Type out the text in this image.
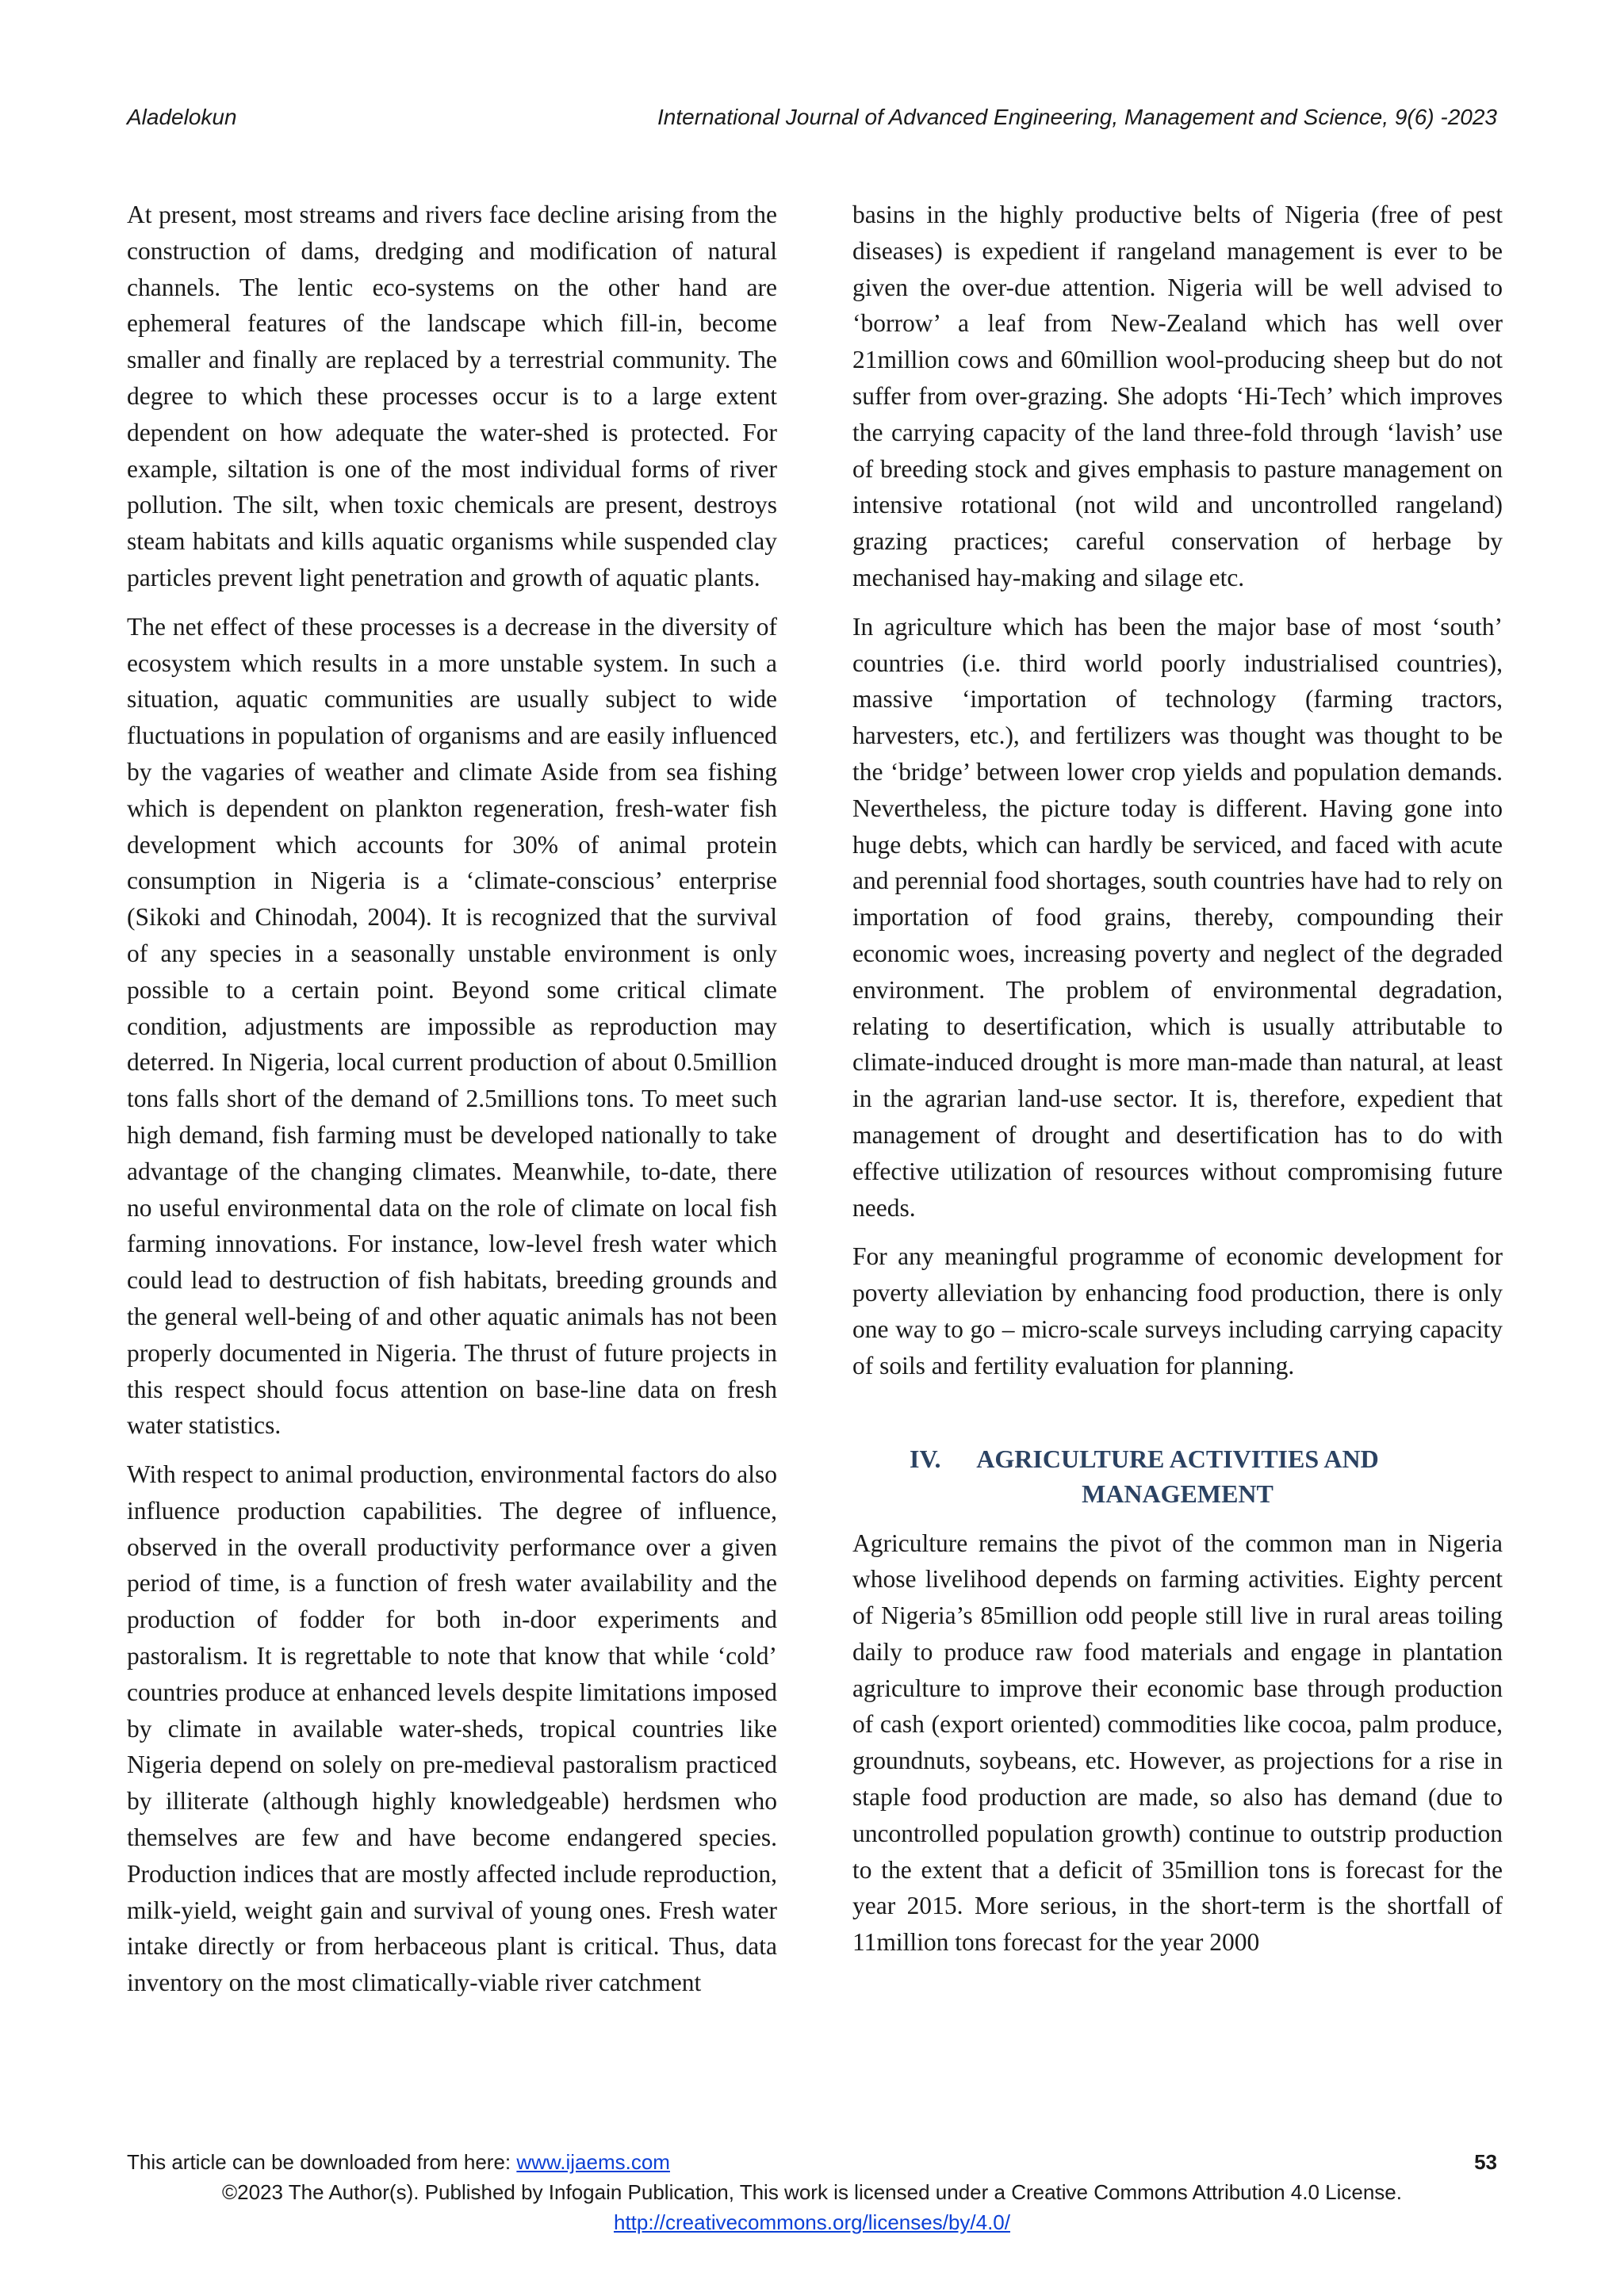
Aladelokun	International Journal of Advanced Engineering, Management and Science, 9(6) -2023

At present, most streams and rivers face decline arising from the construction of dams, dredging and modification of natural channels. The lentic eco-systems on the other hand are ephemeral features of the landscape which fill-in, become smaller and finally are replaced by a terrestrial community. The degree to which these processes occur is to a large extent dependent on how adequate the water-shed is protected. For example, siltation is one of the most individual forms of river pollution. The silt, when toxic chemicals are present, destroys steam habitats and kills aquatic organisms while suspended clay particles prevent light penetration and growth of aquatic plants.

The net effect of these processes is a decrease in the diversity of ecosystem which results in a more unstable system. In such a situation, aquatic communities are usually subject to wide fluctuations in population of organisms and are easily influenced by the vagaries of weather and climate Aside from sea fishing which is dependent on plankton regeneration, fresh-water fish development which accounts for 30% of animal protein consumption in Nigeria is a ‘climate-conscious’ enterprise (Sikoki and Chinodah, 2004). It is recognized that the survival of any species in a seasonally unstable environment is only possible to a certain point. Beyond some critical climate condition, adjustments are impossible as reproduction may deterred. In Nigeria, local current production of about 0.5million tons falls short of the demand of 2.5millions tons. To meet such high demand, fish farming must be developed nationally to take advantage of the changing climates. Meanwhile, to-date, there no useful environmental data on the role of climate on local fish farming innovations. For instance, low-level fresh water which could lead to destruction of fish habitats, breeding grounds and the general well-being of and other aquatic animals has not been properly documented in Nigeria. The thrust of future projects in this respect should focus attention on base-line data on fresh water statistics.

With respect to animal production, environmental factors do also influence production capabilities. The degree of influence, observed in the overall productivity performance over a given period of time, is a function of fresh water availability and the production of fodder for both in-door experiments and pastoralism. It is regrettable to note that know that while ‘cold’ countries produce at enhanced levels despite limitations imposed by climate in available water-sheds, tropical countries like Nigeria depend on solely on pre-medieval pastoralism practiced by illiterate (although highly knowledgeable) herdsmen who themselves are few and have become endangered species. Production indices that are mostly affected include reproduction, milk-yield, weight gain and survival of young ones. Fresh water intake directly or from herbaceous plant is critical. Thus, data inventory on the most climatically-viable river catchment

basins in the highly productive belts of Nigeria (free of pest diseases) is expedient if rangeland management is ever to be given the over-due attention. Nigeria will be well advised to ‘borrow’ a leaf from New-Zealand which has well over 21million cows and 60million wool-producing sheep but do not suffer from over-grazing. She adopts ‘Hi-Tech’ which improves the carrying capacity of the land three-fold through ‘lavish’ use of breeding stock and gives emphasis to pasture management on intensive rotational (not wild and uncontrolled rangeland) grazing practices; careful conservation of herbage by mechanised hay-making and silage etc.

In agriculture which has been the major base of most ‘south’ countries (i.e. third world poorly industrialised countries), massive ‘importation of technology (farming tractors, harvesters, etc.), and fertilizers was thought was thought to be the ‘bridge’ between lower crop yields and population demands. Nevertheless, the picture today is different. Having gone into huge debts, which can hardly be serviced, and faced with acute and perennial food shortages, south countries have had to rely on importation of food grains, thereby, compounding their economic woes, increasing poverty and neglect of the degraded environment. The problem of environmental degradation, relating to desertification, which is usually attributable to climate-induced drought is more man-made than natural, at least in the agrarian land-use sector. It is, therefore, expedient that management of drought and desertification has to do with effective utilization of resources without compromising future needs.

For any meaningful programme of economic development for poverty alleviation by enhancing food production, there is only one way to go – micro-scale surveys including carrying capacity of soils and fertility evaluation for planning.

IV.	AGRICULTURE ACTIVITIES AND
MANAGEMENT

Agriculture remains the pivot of the common man in Nigeria whose livelihood depends on farming activities. Eighty percent of Nigeria’s 85million odd people still live in rural areas toiling daily to produce raw food materials and engage in plantation agriculture to improve their economic base through production of cash (export oriented) commodities like cocoa, palm produce, groundnuts, soybeans, etc. However, as projections for a rise in staple food production are made, so also has demand (due to uncontrolled population growth) continue to outstrip production to the extent that a deficit of 35million tons is forecast for the year 2015. More serious, in the short-term is the shortfall of 11million tons forecast for the year 2000

This article can be downloaded from here: www.ijaems.com	53
©2023 The Author(s). Published by Infogain Publication, This work is licensed under a Creative Commons Attribution 4.0 License.
http://creativecommons.org/licenses/by/4.0/
